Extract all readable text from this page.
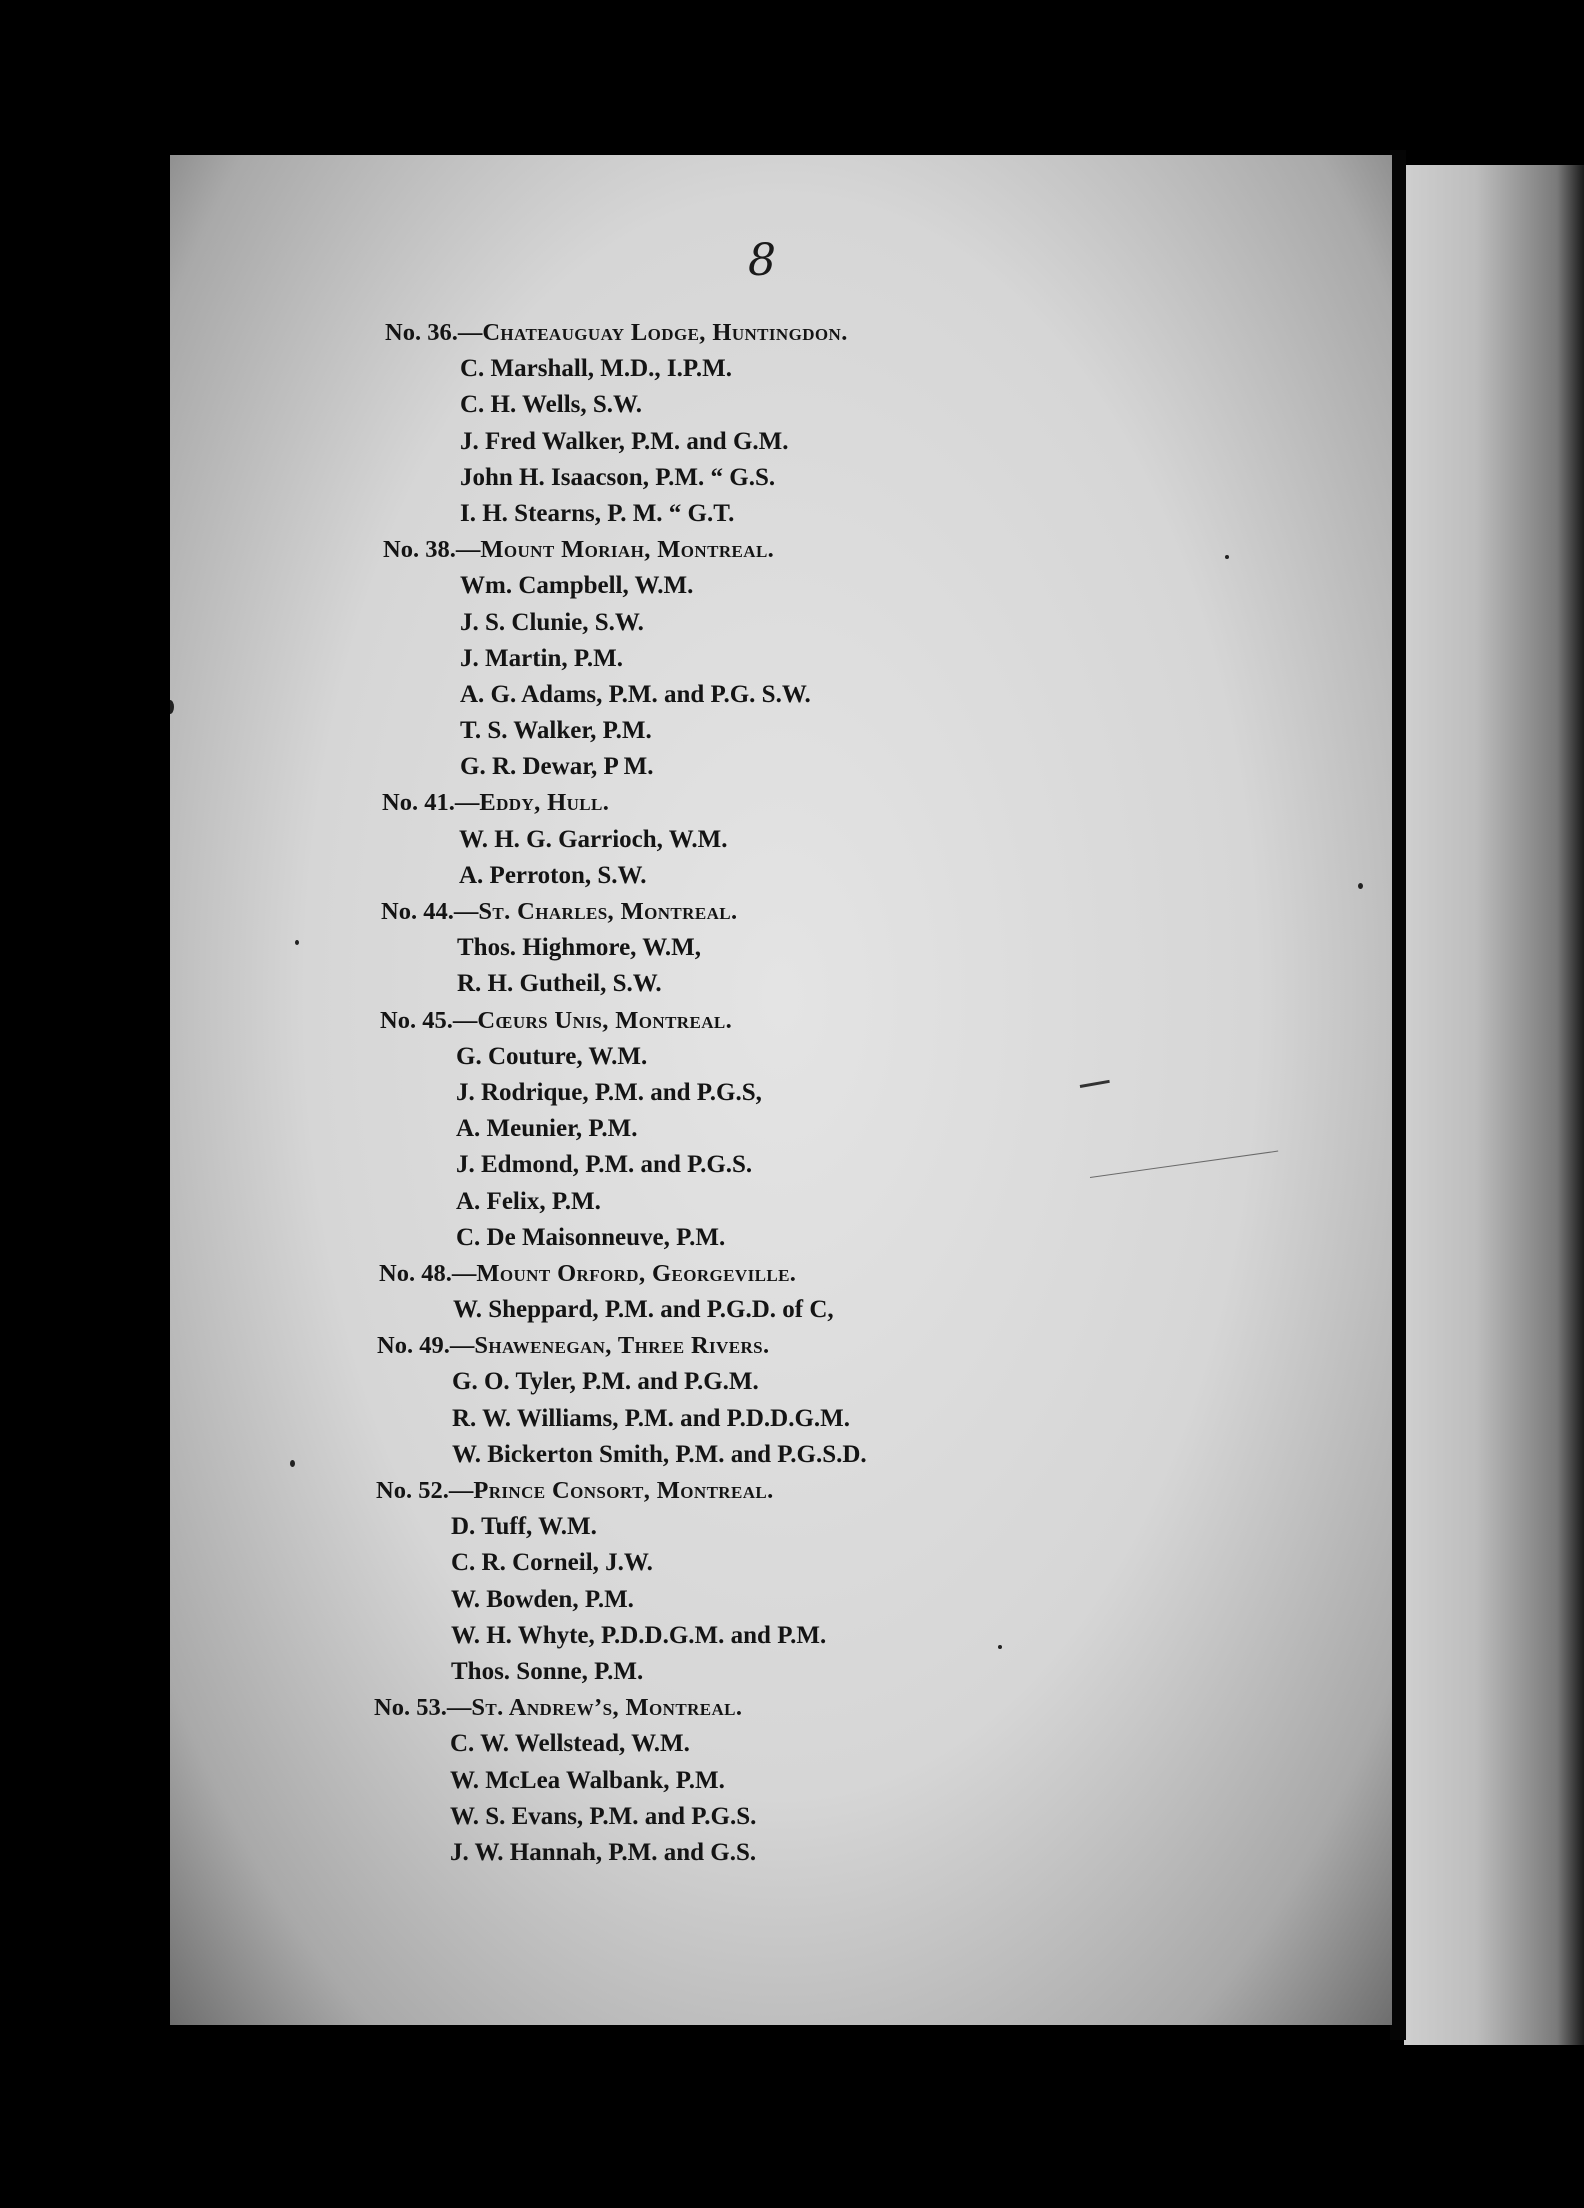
8
No. 36.—Chateauguay Lodge, Huntingdon.
C. Marshall, M.D., I.P.M.
C. H. Wells, S.W.
J. Fred Walker, P.M. and G.M.
John H. Isaacson, P.M. “ G.S.
I. H. Stearns, P. M. “ G.T.
No. 38.—Mount Moriah, Montreal.
Wm. Campbell, W.M.
J. S. Clunie, S.W.
J. Martin, P.M.
A. G. Adams, P.M. and P.G. S.W.
T. S. Walker, P.M.
G. R. Dewar, P M.
No. 41.—Eddy, Hull.
W. H. G. Garrioch, W.M.
A. Perroton, S.W.
No. 44.—St. Charles, Montreal.
Thos. Highmore, W.M,
R. H. Gutheil, S.W.
No. 45.—Cœurs Unis, Montreal.
G. Couture, W.M.
J. Rodrique, P.M. and P.G.S,
A. Meunier, P.M.
J. Edmond, P.M. and P.G.S.
A. Felix, P.M.
C. De Maisonneuve, P.M.
No. 48.—Mount Orford, Georgeville.
W. Sheppard, P.M. and P.G.D. of C,
No. 49.—Shawenegan, Three Rivers.
G. O. Tyler, P.M. and P.G.M.
R. W. Williams, P.M. and P.D.D.G.M.
W. Bickerton Smith, P.M. and P.G.S.D.
No. 52.—Prince Consort, Montreal.
D. Tuff, W.M.
C. R. Corneil, J.W.
W. Bowden, P.M.
W. H. Whyte, P.D.D.G.M. and P.M.
Thos. Sonne, P.M.
No. 53.—St. Andrew’s, Montreal.
C. W. Wellstead, W.M.
W. McLea Walbank, P.M.
W. S. Evans, P.M. and P.G.S.
J. W. Hannah, P.M. and G.S.
